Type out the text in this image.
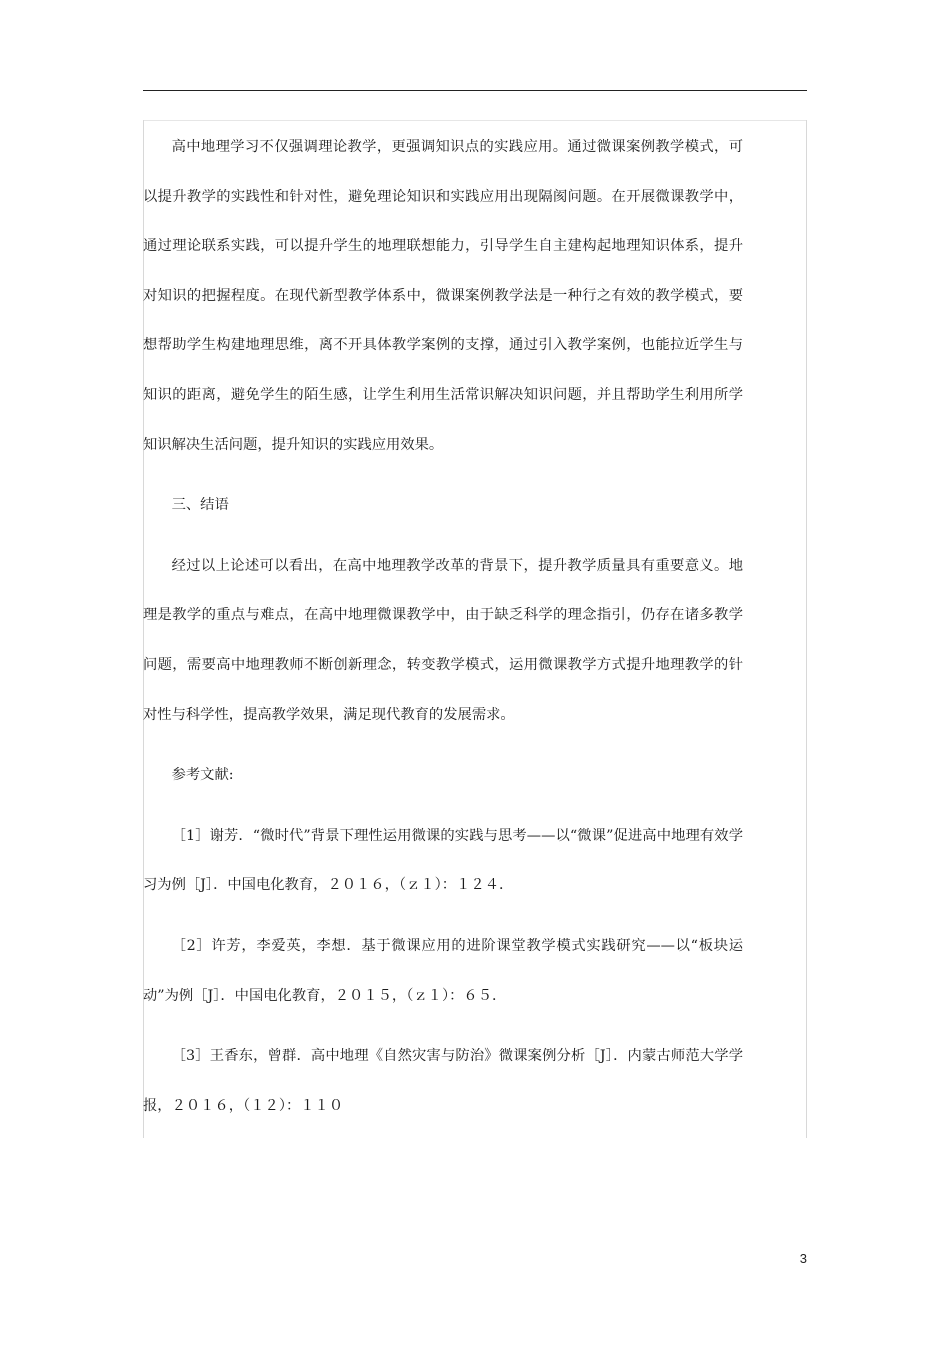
高中地理学习不仅强调理论教学，更强调知识点的实践应用。通过微课案例教学模式，可以提升教学的实践性和针对性，避免理论知识和实践应用出现隔阂问题。在开展微课教学中，通过理论联系实践，可以提升学生的地理联想能力，引导学生自主建构起地理知识体系，提升对知识的把握程度。在现代新型教学体系中，微课案例教学法是一种行之有效的教学模式，要想帮助学生构建地理思维，离不开具体教学案例的支撑，通过引入教学案例，也能拉近学生与知识的距离，避免学生的陌生感，让学生利用生活常识解决知识问题，并且帮助学生利用所学知识解决生活问题，提升知识的实践应用效果。

三、结语

经过以上论述可以看出，在高中地理教学改革的背景下，提升教学质量具有重要意义。地理是教学的重点与难点，在高中地理微课教学中，由于缺乏科学的理念指引，仍存在诸多教学问题，需要高中地理教师不断创新理念，转变教学模式，运用微课教学方式提升地理教学的针对性与科学性，提高教学效果，满足现代教育的发展需求。

参考文献:

［1］谢芳．“微时代”背景下理性运用微课的实践与思考——以“微课”促进高中地理有效学习为例［J］．中国电化教育，２０１６，（ｚ１）：１２４．

［2］许芳，李爱英，李想．基于微课应用的进阶课堂教学模式实践研究——以“板块运动”为例［J］．中国电化教育，２０１５，（ｚ１）：６５．

［3］王香东，曾群．高中地理《自然灾害与防治》微课案例分析［J］．内蒙古师范大学学报，２０１６，（１２）：１１０

3
